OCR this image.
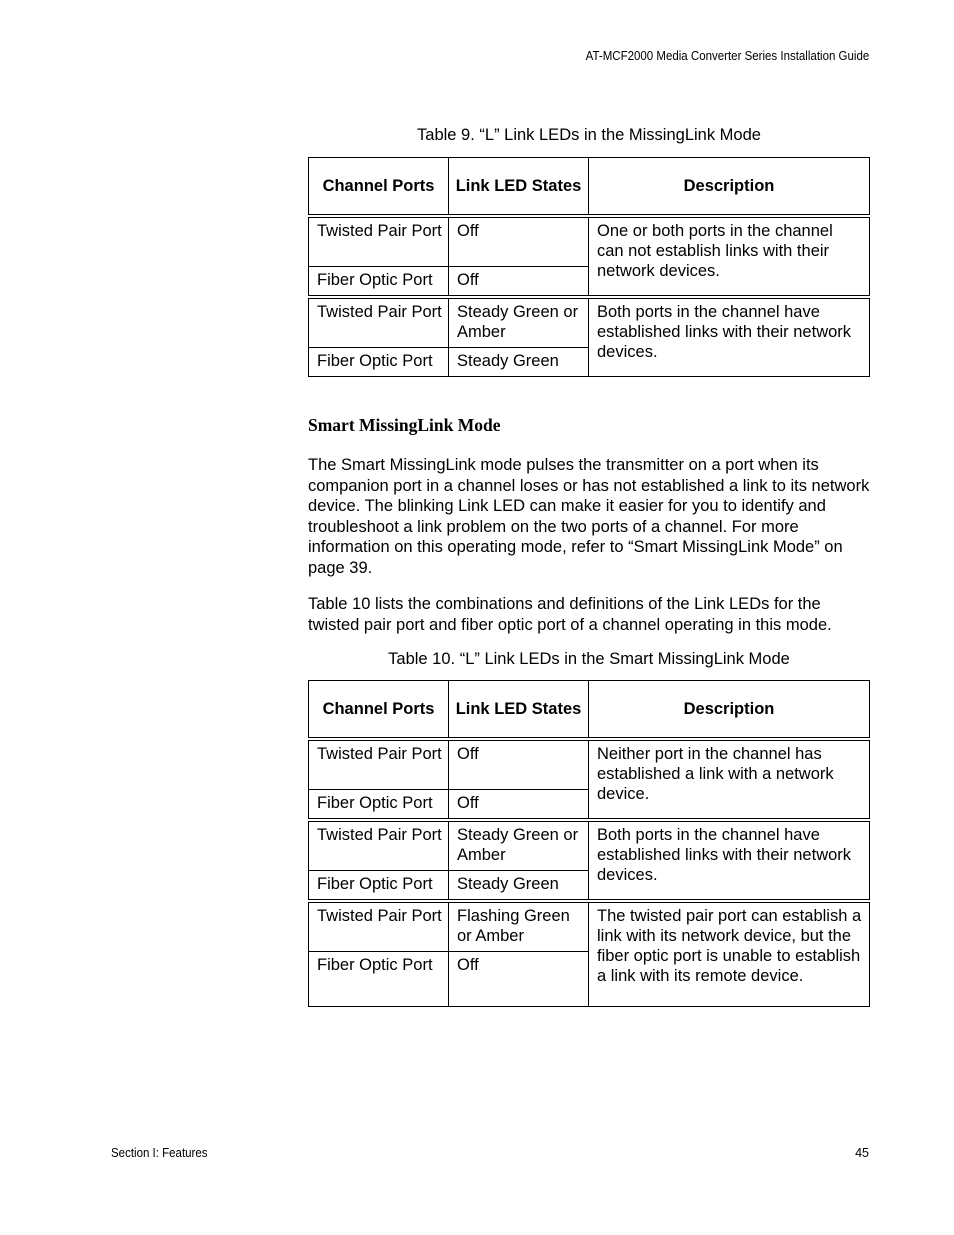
AT-MCF2000 Media Converter Series Installation Guide
Table 9. “L” Link LEDs in the MissingLink Mode
Channel Ports	Link LED States	Description
Twisted Pair Port	Off	One or both ports in the channel can not establish links with their network devices.
Fiber Optic Port	Off	
Twisted Pair Port	Steady Green or Amber	Both ports in the channel have established links with their network devices.
Fiber Optic Port	Steady Green	
Smart MissingLink Mode

The Smart MissingLink mode pulses the transmitter on a port when its companion port in a channel loses or has not established a link to its network device. The blinking Link LED can make it easier for you to identify and troubleshoot a link problem on the two ports of a channel. For more information on this operating mode, refer to “Smart MissingLink Mode” on page 39.

Table 10 lists the combinations and definitions of the Link LEDs for the twisted pair port and fiber optic port of a channel operating in this mode.

Table 10. “L” Link LEDs in the Smart MissingLink Mode
Channel Ports	Link LED States	Description
Twisted Pair Port	Off	Neither port in the channel has established a link with a network device.
Fiber Optic Port	Off	
Twisted Pair Port	Steady Green or Amber	Both ports in the channel have established links with their network devices.
Fiber Optic Port	Steady Green	
Twisted Pair Port	Flashing Green or Amber	The twisted pair port can establish a link with its network device, but the fiber optic port is unable to establish a link with its remote device.
Fiber Optic Port	Off	
Section I: Features	45
